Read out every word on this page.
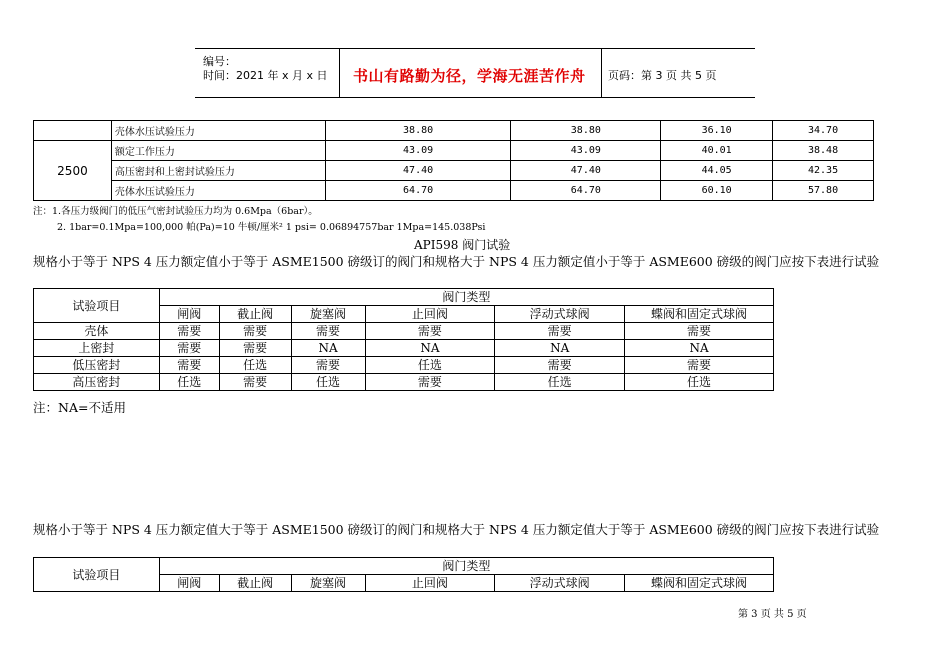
编号：
时间：2021 年 x 月 x 日 书山有路勤为径，学海无涯苦作舟 页码：第 3 页 共 5 页
	壳体水压试验压力	38.80	38.80	36.10	34.70
2500	额定工作压力	43.09	43.09	40.01	38.48
	高压密封和上密封试验压力	47.40	47.40	44.05	42.35
	壳体水压试验压力	64.70	64.70	60.10	57.80
注：1.各压力级阀门的低压气密封试验压力均为 0.6Mpa（6bar）。
2. 1bar=0.1Mpa=100,000 帕(Pa)=10 牛顿/厘米² 1 psi= 0.06894757bar 1Mpa=145.038Psi
API598 阀门试验
规格小于等于 NPS 4 压力额定值小于等于 ASME1500 磅级订的阀门和规格大于 NPS 4 压力额定值小于等于 ASME600 磅级的阀门应按下表进行试验
试验项目	阀门类型					
	闸阀	截止阀	旋塞阀	止回阀	浮动式球阀	蝶阀和固定式球阀
壳体	需要	需要	需要	需要	需要	需要
上密封	需要	需要	NA	NA	NA	NA
低压密封	需要	任选	需要	任选	需要	需要
高压密封	任选	需要	任选	需要	任选	任选
注：NA=不适用
规格小于等于 NPS 4 压力额定值大于等于 ASME1500 磅级订的阀门和规格大于 NPS 4 压力额定值大于等于 ASME600 磅级的阀门应按下表进行试验
试验项目	阀门类型					
	闸阀	截止阀	旋塞阀	止回阀	浮动式球阀	蝶阀和固定式球阀
第 3 页 共 5 页
